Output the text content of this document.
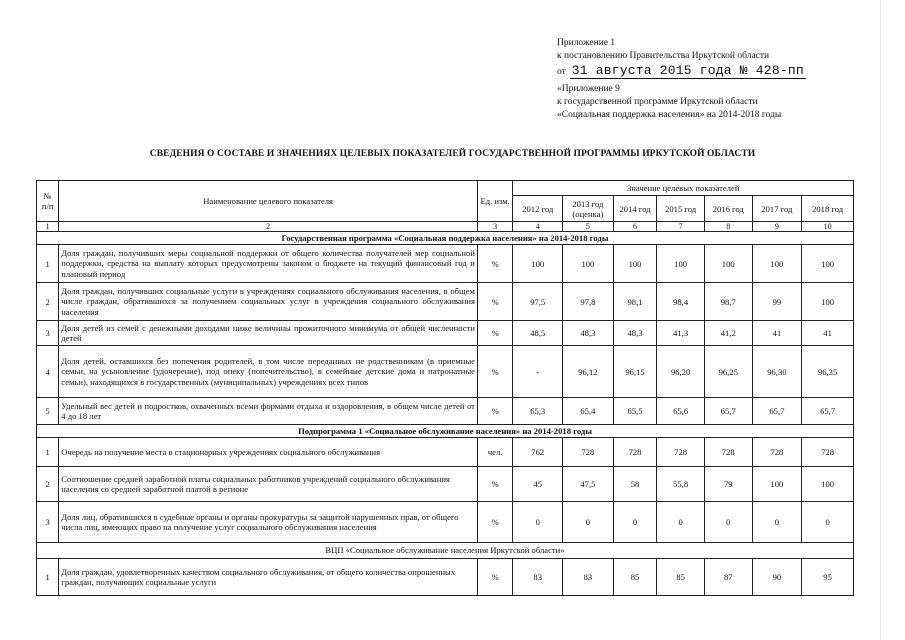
Приложение 1
к постановлению Правительства Иркутской области
от 31 августа 2015 года № 428-пп
«Приложение 9
к государственной программе Иркутской области
«Социальная поддержка населения» на 2014-2018 годы
СВЕДЕНИЯ О СОСТАВЕ И ЗНАЧЕНИЯХ ЦЕЛЕВЫХ ПОКАЗАТЕЛЕЙ ГОСУДАРСТВЕННОЙ ПРОГРАММЫ ИРКУТСКОЙ ОБЛАСТИ
№ п/п	Наименование целевого показателя	Ед. изм.	Значение целевых показателей						
			2012 год	2013 год (оценка)	2014 год	2015 год	2016 год	2017 год	2018 год
1	2	3	4	5	6	7	8	9	10
Государственная программа «Социальная поддержка населения» на 2014-2018 годы									
1	Доля граждан, получивших меры социальной поддержки от общего количества получателей мер социальной поддержки, средства на выплату которых предусмотрены законом о бюджете на текущий финансовый год и плановый период	%	100	100	100	100	100	100	100
2	Доля граждан, получивших социальные услуги в учреждениях социального обслуживания населения, в общем числе граждан, обратившихся за получением социальных услуг в учреждения социального обслуживания населения	%	97,5	97,8	98,1	98,4	98,7	99	100
3	Доля детей из семей с денежными доходами ниже величины прожиточного минимума от общей численности детей	%	48,5	48,3	48,3	41,3	41,2	41	41
4	Доля детей, оставшихся без попечения родителей, в том числе переданных не родственникам (в приемные семьи, на усыновление (удочерение), под опеку (попечительство), в семейные детские дома и патронатные семьи), находящихся в государственных (муниципальных) учреждениях всех типов	%	-	96,12	96,15	96,20	96,25	96,30	96,35
5	Удельный вес детей и подростков, охваченных всеми формами отдыха и оздоровления, в общем числе детей от 4 до 18 лет	%	65,3	65,4	65,5	65,6	65,7	65,7	65,7
Подпрограмма 1 «Социальное обслуживание населения» на 2014-2018 годы									
1	Очередь на получение места в стационарных учреждениях социального обслуживания	чел.	762	728	728	728	728	728	728
2	Соотношение средней заработной платы социальных работников учреждений социального обслуживания населения со средней заработной платой в регионе	%	45	47,5	58	55,8	79	100	100
3	Доля лиц, обратившихся в судебные органы и органы прокуратуры за защитой нарушенных прав, от общего числа лиц, имеющих право на получение услуг социального обслуживания населения	%	0	0	0	0	0	0	0
ВЦП «Социальное обслуживание населения Иркутской области»									
1	Доля граждан, удовлетворенных качеством социального обслуживания, от общего количества опрошенных граждан, получающих социальные услуги	%	83	83	85	85	87	90	95
